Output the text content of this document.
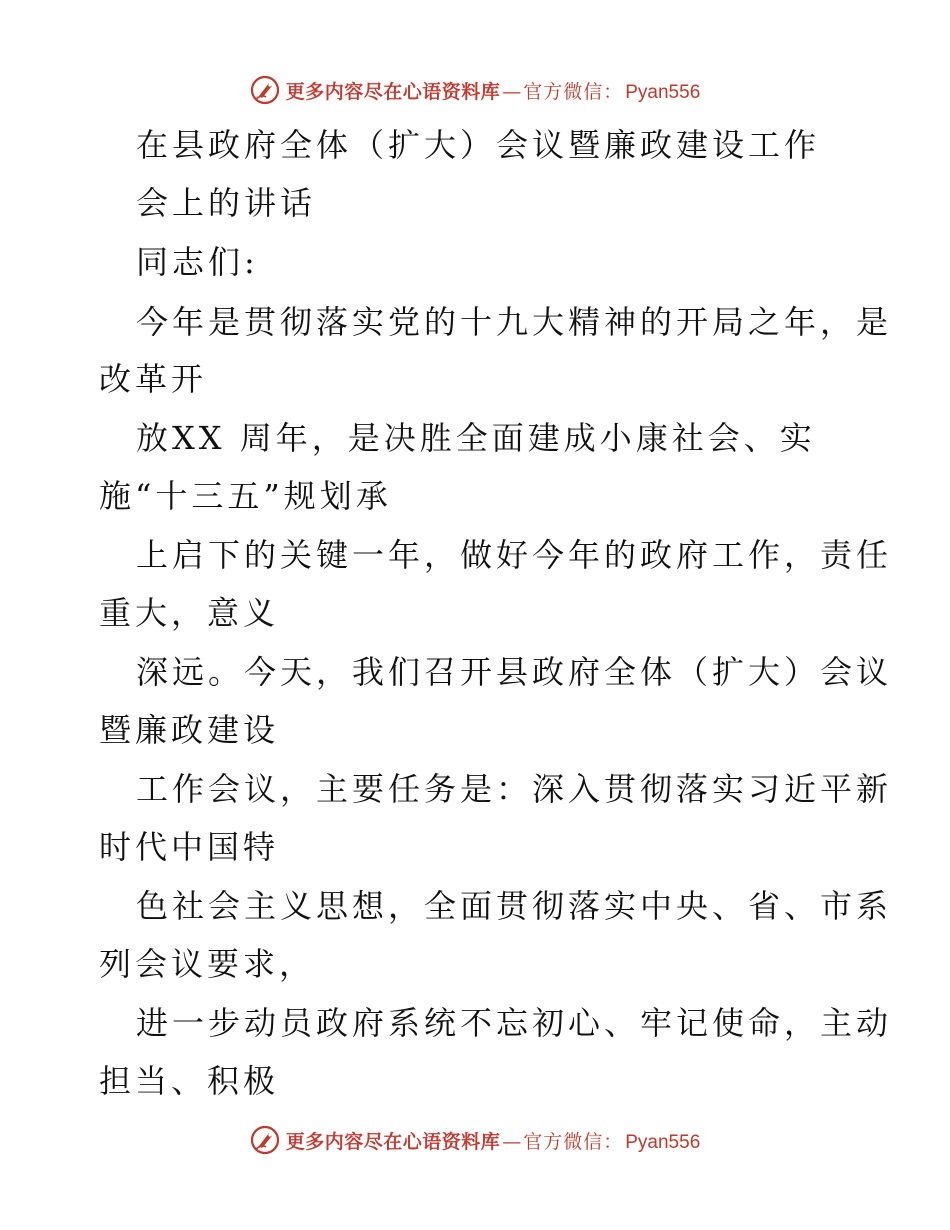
更多内容尽在心语资料库 — 官方微信： Pyan556
在县政府全体（扩大）会议暨廉政建设工作
会上的讲话
同志们:
今年是贯彻落实党的十九大精神的开局之年，是
改革开
放XX 周年，是决胜全面建成小康社会、实
施“十三五”规划承
上启下的关键一年，做好今年的政府工作，责任
重大，意义
深远。今天，我们召开县政府全体（扩大）会议
暨廉政建设
工作会议，主要任务是：深入贯彻落实习近平新
时代中国特
色社会主义思想，全面贯彻落实中央、省、市系
列会议要求，
进一步动员政府系统不忘初心、牢记使命，主动
担当、积极
更多内容尽在心语资料库 — 官方微信： Pyan556
